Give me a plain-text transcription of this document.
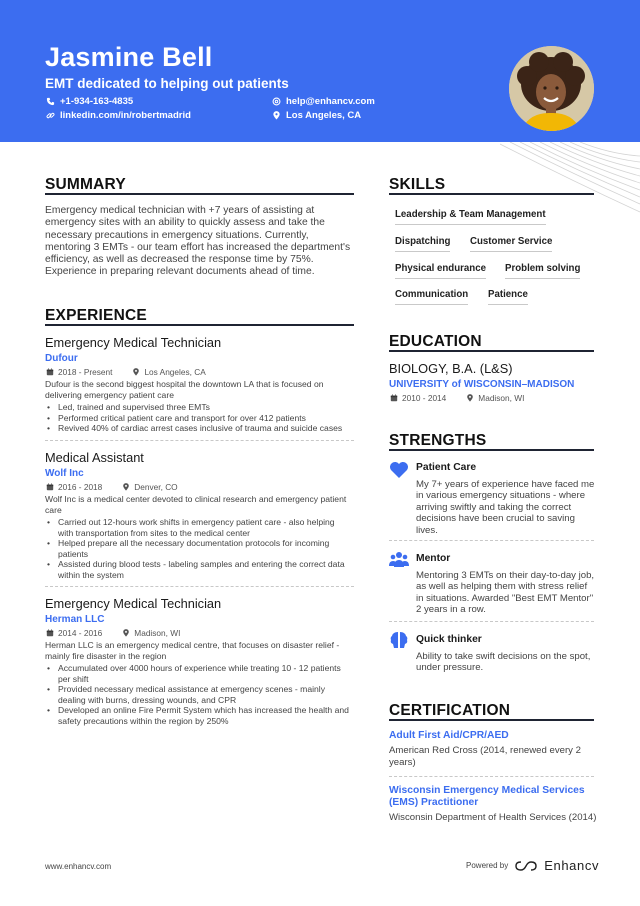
Jasmine Bell
EMT dedicated to helping out patients
+1-934-163-4835	help@enhancv.com
linkedin.com/in/robertmadrid	Los Angeles, CA
SUMMARY
Emergency medical technician with +7 years of assisting at
emergency sites with an ability to quickly assess and take the
necessary precautions in emergency situations. Currently,
mentoring 3 EMTs - our team effort has increased the department's
efficiency, as well as decreased the response time by 75%.
Experience in preparing relevant documents ahead of time.
EXPERIENCE
Emergency Medical Technician
Dufour
2018 - Present	Los Angeles, CA
Dufour is the second biggest hospital the downtown LA that is focused on
delivering emergency patient care
• Led, trained and supervised three EMTs
• Performed critical patient care and transport for over 412 patients
• Revived 40% of cardiac arrest cases inclusive of trauma and suicide cases
Medical Assistant
Wolf Inc
2016 - 2018	Denver, CO
Wolf Inc is a medical center devoted to clinical research and emergency patient
care
• Carried out 12-hours work shifts in emergency patient care - also helping
with transportation from sites to the medical center
• Helped prepare all the necessary documentation protocols for incoming
patients
• Assisted during blood tests - labeling samples and entering the correct data
within the system
Emergency Medical Technician
Herman LLC
2014 - 2016	Madison, WI
Herman LLC is an emergency medical centre, that focuses on disaster relief -
mainly fire disaster in the region
• Accumulated over 4000 hours of experience while treating 10 - 12 patients
per shift
• Provided necessary medical assistance at emergency scenes - mainly
dealing with burns, dressing wounds, and CPR
• Developed an online Fire Permit System which has increased the health and
safety precautions within the region by 250%
SKILLS
Leadership & Team Management
Dispatching Customer Service
Physical endurance Problem solving
Communication Patience
EDUCATION
BIOLOGY, B.A. (L&S)
UNIVERSITY of WISCONSIN–MADISON
2010 - 2014	Madison, WI
STRENGTHS
Patient Care
My 7+ years of experience have faced me
in various emergency situations - where
arriving swiftly and taking the correct
decisions have been crucial to saving
lives.
Mentor
Mentoring 3 EMTs on their day-to-day job,
as well as helping them with stress relief
in situations. Awarded "Best EMT Mentor"
2 years in a row.
Quick thinker
Ability to take swift decisions on the spot,
under pressure.
CERTIFICATION
Adult First Aid/CPR/AED
American Red Cross (2014, renewed every 2
years)
Wisconsin Emergency Medical Services
(EMS) Practitioner
Wisconsin Department of Health Services (2014)
www.enhancv.com	Powered by	Enhancv
